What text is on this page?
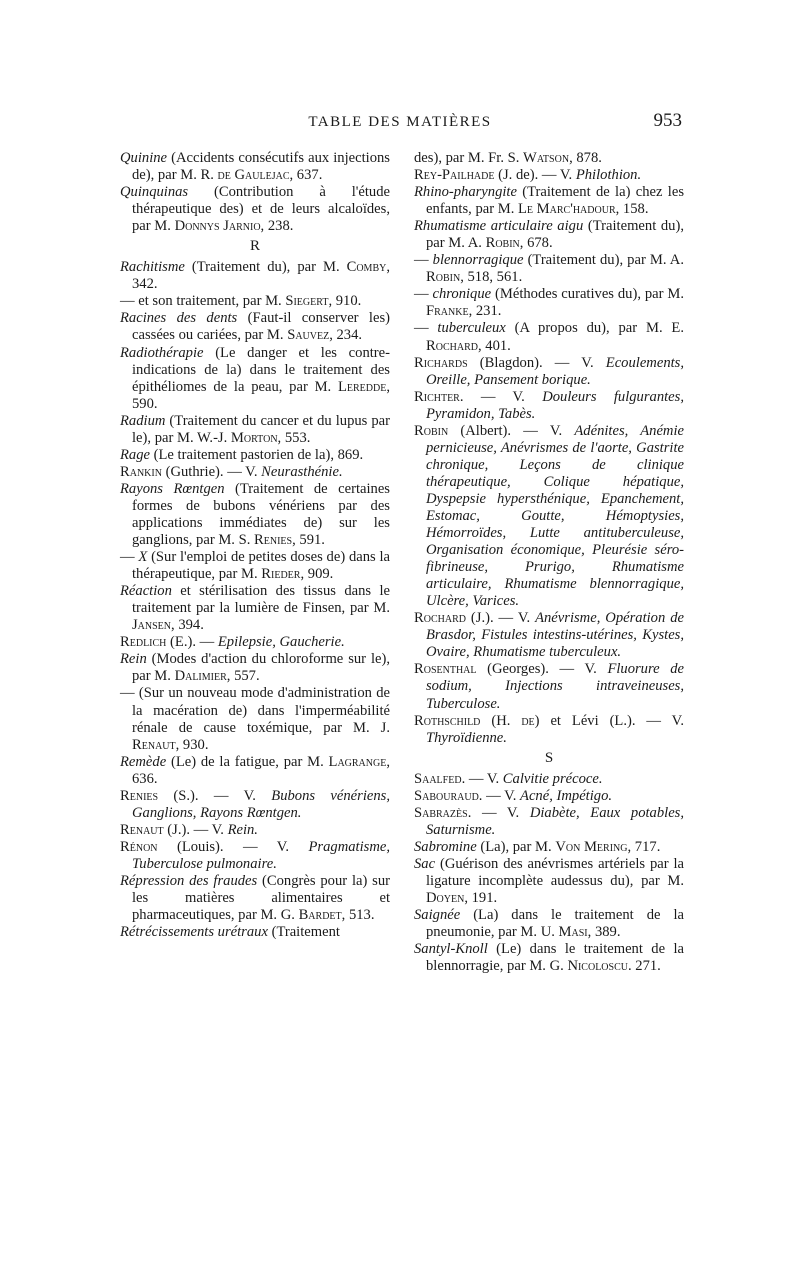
TABLE DES MATIÈRES	953

Quinine (Accidents consécutifs aux injections de), par M. R. de Gaulejac, 637.

Quinquinas (Contribution à l'étude thérapeutique des) et de leurs alcaloïdes, par M. Donnys Jarnio, 238.

R

Rachitisme (Traitement du), par M. Comby, 342.

— et son traitement, par M. Siegert, 910.

Racines des dents (Faut-il conserver les) cassées ou cariées, par M. Sauvez, 234.

Radiothérapie (Le danger et les contre-indications de la) dans le traitement des épithéliomes de la peau, par M. Leredde, 590.

Radium (Traitement du cancer et du lupus par le), par M. W.-J. Morton, 553.

Rage (Le traitement pastorien de la), 869.

Rankin (Guthrie). — V. Neurasthénie.

Rayons Rœntgen (Traitement de certaines formes de bubons vénériens par des applications immédiates de) sur les ganglions, par M. S. Renies, 591.

— X (Sur l'emploi de petites doses de) dans la thérapeutique, par M. Rieder, 909.

Réaction et stérilisation des tissus dans le traitement par la lumière de Finsen, par M. Jansen, 394.

Redlich (E.). — Epilepsie, Gaucherie.

Rein (Modes d'action du chloroforme sur le), par M. Dalimier, 557.

— (Sur un nouveau mode d'administration de la macération de) dans l'imperméabilité rénale de cause toxémique, par M. J. Renaut, 930.

Remède (Le) de la fatigue, par M. Lagrange, 636.

Renies (S.). — V. Bubons vénériens, Ganglions, Rayons Rœntgen.

Renaut (J.). — V. Rein.

Rénon (Louis). — V. Pragmatisme, Tuberculose pulmonaire.

Répression des fraudes (Congrès pour la) sur les matières alimentaires et pharmaceutiques, par M. G. Bardet, 513.

Rétrécissements urétraux (Traitement

des), par M. Fr. S. Watson, 878.

Rey-Pailhade (J. de). — V. Philothion.

Rhino-pharyngite (Traitement de la) chez les enfants, par M. Le Marc'hadour, 158.

Rhumatisme articulaire aigu (Traitement du), par M. A. Robin, 678.

— blennorragique (Traitement du), par M. A. Robin, 518, 561.

— chronique (Méthodes curatives du), par M. Franke, 231.

— tuberculeux (A propos du), par M. E. Rochard, 401.

Richards (Blagdon). — V. Ecoulements, Oreille, Pansement borique.

Richter. — V. Douleurs fulgurantes, Pyramidon, Tabès.

Robin (Albert). — V. Adénites, Anémie pernicieuse, Anévrismes de l'aorte, Gastrite chronique, Leçons de clinique thérapeutique, Colique hépatique, Dyspepsie hypersthénique, Epanchement, Estomac, Goutte, Hémoptysies, Hémorroïdes, Lutte antituberculeuse, Organisation économique, Pleurésie séro-fibrineuse, Prurigo, Rhumatisme articulaire, Rhumatisme blennorragique, Ulcère, Varices.

Rochard (J.). — V. Anévrisme, Opération de Brasdor, Fistules intestins-utérines, Kystes, Ovaire, Rhumatisme tuberculeux.

Rosenthal (Georges). — V. Fluorure de sodium, Injections intraveineuses, Tuberculose.

Rothschild (H. de) et Lévi (L.). — V. Thyroïdienne.

S

Saalfed. — V. Calvitie précoce.

Sabouraud. — V. Acné, Impétigo.

Sabrazès. — V. Diabète, Eaux potables, Saturnisme.

Sabromine (La), par M. Von Mering, 717.

Sac (Guérison des anévrismes artériels par la ligature incomplète audessus du), par M. Doyen, 191.

Saignée (La) dans le traitement de la pneumonie, par M. U. Masi, 389.

Santyl-Knoll (Le) dans le traitement de la blennorragie, par M. G. Nicoloscu. 271.
